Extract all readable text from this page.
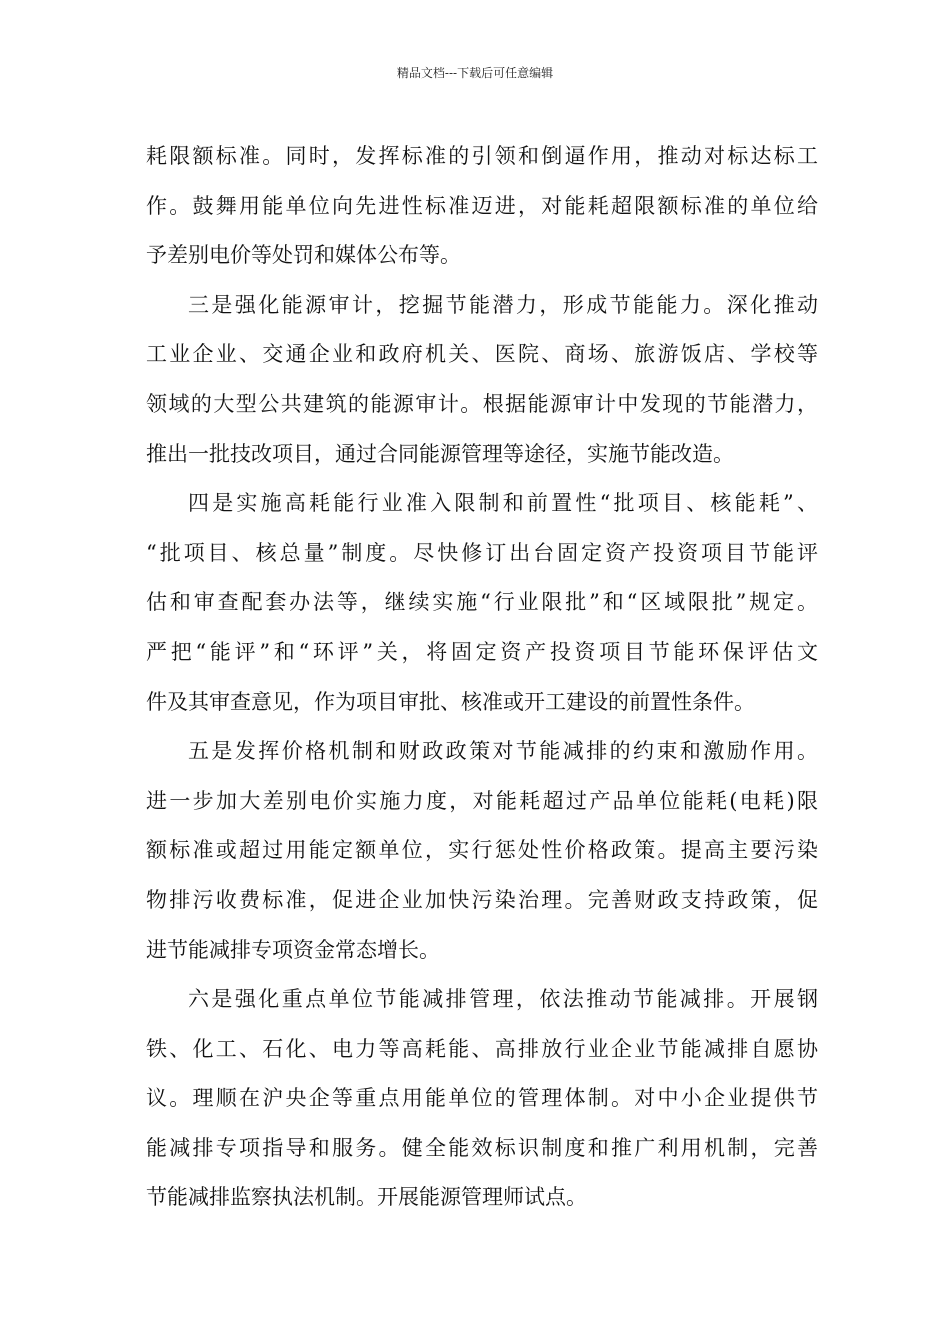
精品文档---下载后可任意编辑
耗限额标准。同时，发挥标准的引领和倒逼作用，推动对标达标工
作。鼓舞用能单位向先进性标准迈进，对能耗超限额标准的单位给
予差别电价等处罚和媒体公布等。
三是强化能源审计，挖掘节能潜力，形成节能能力。深化推动
工业企业、交通企业和政府机关、医院、商场、旅游饭店、学校等
领域的大型公共建筑的能源审计。根据能源审计中发现的节能潜力，
推出一批技改项目，通过合同能源管理等途径，实施节能改造。
四是实施高耗能行业准入限制和前置性“批项目、核能耗”、
“批项目、核总量”制度。尽快修订出台固定资产投资项目节能评
估和审查配套办法等，继续实施“行业限批”和“区域限批”规定。
严把“能评”和“环评”关，将固定资产投资项目节能环保评估文
件及其审查意见，作为项目审批、核准或开工建设的前置性条件。
五是发挥价格机制和财政政策对节能减排的约束和激励作用。
进一步加大差别电价实施力度，对能耗超过产品单位能耗(电耗)限
额标准或超过用能定额单位，实行惩处性价格政策。提高主要污染
物排污收费标准，促进企业加快污染治理。完善财政支持政策，促
进节能减排专项资金常态增长。
六是强化重点单位节能减排管理，依法推动节能减排。开展钢
铁、化工、石化、电力等高耗能、高排放行业企业节能减排自愿协
议。理顺在沪央企等重点用能单位的管理体制。对中小企业提供节
能减排专项指导和服务。健全能效标识制度和推广利用机制，完善
节能减排监察执法机制。开展能源管理师试点。
